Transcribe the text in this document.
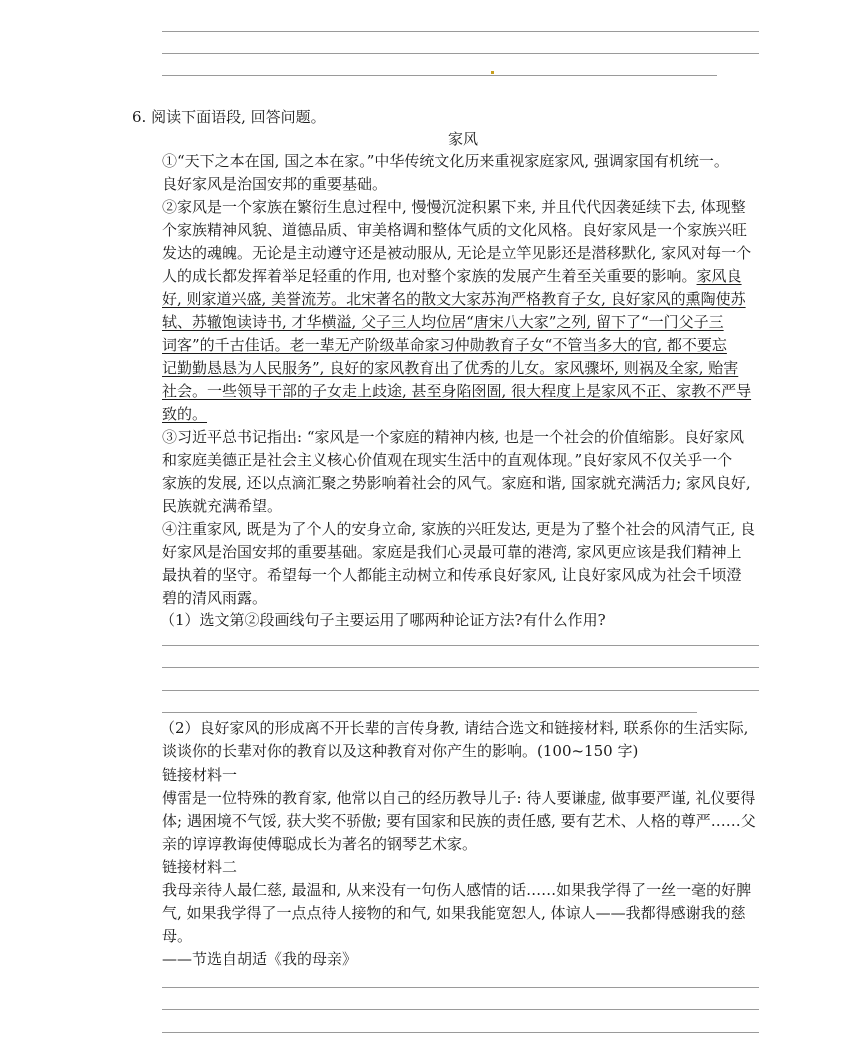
6. 阅读下面语段, 回答问题。
家风
①“天下之本在国, 国之本在家。”中华传统文化历来重视家庭家风, 强调家国有机统一。
良好家风是治国安邦的重要基础。
②家风是一个家族在繁衍生息过程中, 慢慢沉淀积累下来, 并且代代因袭延续下去, 体现整
个家族精神风貌、道德品质、审美格调和整体气质的文化风格。良好家风是一个家族兴旺
发达的魂魄。无论是主动遵守还是被动服从, 无论是立竿见影还是潜移默化, 家风对每一个
人的成长都发挥着举足轻重的作用, 也对整个家族的发展产生着至关重要的影响。家风良
好, 则家道兴盛, 美誉流芳。北宋著名的散文大家苏洵严格教育子女, 良好家风的熏陶使苏
轼、苏辙饱读诗书, 才华横溢, 父子三人均位居“唐宋八大家”之列, 留下了“一门父子三
词客”的千古佳话。老一辈无产阶级革命家习仲勋教育子女“不管当多大的官, 都不要忘
记勤勤恳恳为人民服务”, 良好的家风教育出了优秀的儿女。家风骤坏, 则祸及全家, 贻害
社会。一些领导干部的子女走上歧途, 甚至身陷囹圄, 很大程度上是家风不正、家教不严导
致的。
③习近平总书记指出: “家风是一个家庭的精神内核, 也是一个社会的价值缩影。良好家风
和家庭美德正是社会主义核心价值观在现实生活中的直观体现。”良好家风不仅关乎一个
家族的发展, 还以点滴汇聚之势影响着社会的风气。家庭和谐, 国家就充满活力; 家风良好,
民族就充满希望。
④注重家风, 既是为了个人的安身立命, 家族的兴旺发达, 更是为了整个社会的风清气正, 良
好家风是治国安邦的重要基础。家庭是我们心灵最可靠的港湾, 家风更应该是我们精神上
最执着的坚守。希望每一个人都能主动树立和传承良好家风, 让良好家风成为社会千顷澄
碧的清风雨露。
（1）选文第②段画线句子主要运用了哪两种论证方法?有什么作用?
（2）良好家风的形成离不开长辈的言传身教, 请结合选文和链接材料, 联系你的生活实际,
谈谈你的长辈对你的教育以及这种教育对你产生的影响。(100~150 字)
链接材料一
傅雷是一位特殊的教育家, 他常以自己的经历教导儿子: 待人要谦虚, 做事要严谨, 礼仪要得
体; 遇困境不气馁, 获大奖不骄傲; 要有国家和民族的责任感, 要有艺术、人格的尊严……父
亲的谆谆教诲使傅聪成长为著名的钢琴艺术家。
链接材料二
我母亲待人最仁慈, 最温和, 从来没有一句伤人感情的话……如果我学得了一丝一毫的好脾
气, 如果我学得了一点点待人接物的和气, 如果我能宽恕人, 体谅人——我都得感谢我的慈
母。
——节选自胡适《我的母亲》
